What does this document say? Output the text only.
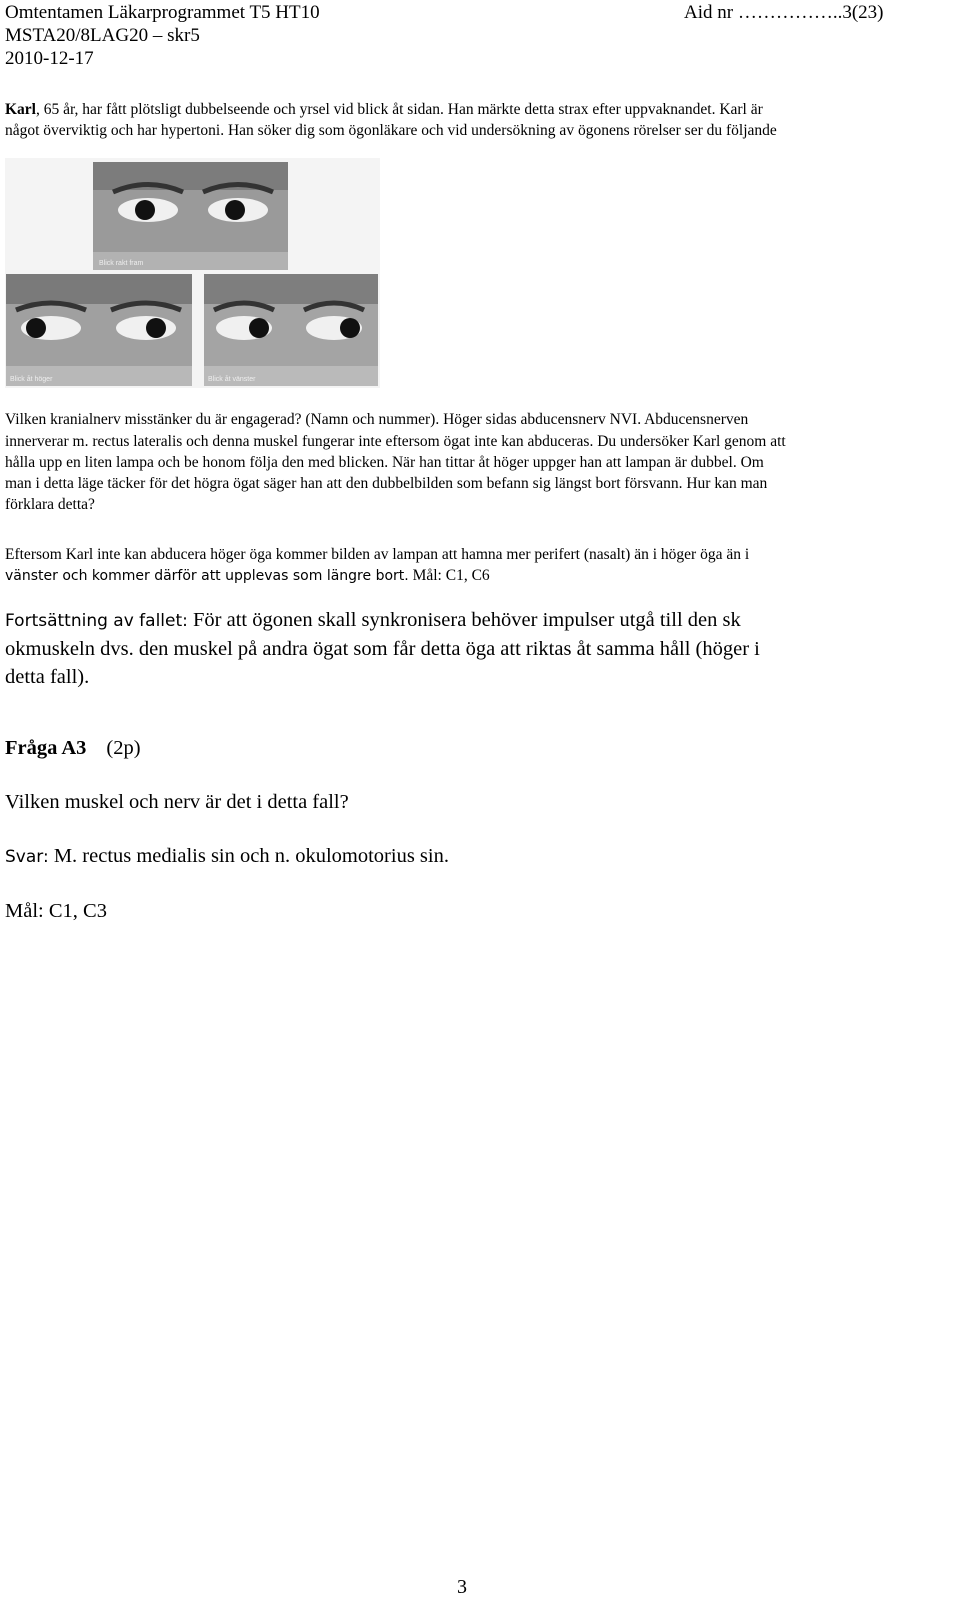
Omtentamen Läkarprogrammet T5 HT10
MSTA20/8LAG20 – skr5
2010-12-17
Aid nr ……………..3(23)
Karl, 65 år, har fått plötsligt dubbelseende och yrsel vid blick åt sidan. Han märkte detta strax efter uppvaknandet. Karl är
något överviktig och har hypertoni. Han söker dig som ögonläkare och vid undersökning av ögonens rörelser ser du följande
Blick rakt fram
Blick åt höger	Blick åt vänster
Vilken kranialnerv misstänker du är engagerad? (Namn och nummer). Höger sidas abducensnerv NVI. Abducensnerven
innerverar m. rectus lateralis och denna muskel fungerar inte eftersom ögat inte kan abduceras. Du undersöker Karl genom att
hålla upp en liten lampa och be honom följa den med blicken. När han tittar åt höger uppger han att lampan är dubbel. Om
man i detta läge täcker för det högra ögat säger han att den dubbelbilden som befann sig längst bort försvann. Hur kan man
förklara detta?
Eftersom Karl inte kan abducera höger öga kommer bilden av lampan att hamna mer perifert (nasalt) än i höger öga än i
vänster och kommer därför att upplevas som längre bort. Mål: C1, C6
Fortsättning av fallet: För att ögonen skall synkronisera behöver impulser utgå till den sk
okmuskeln dvs. den muskel på andra ögat som får detta öga att riktas åt samma håll (höger i
detta fall).
Fråga A3 (2p)
Vilken muskel och nerv är det i detta fall?
Svar: M. rectus medialis sin och n. okulomotorius sin.
Mål: C1, C3
3
